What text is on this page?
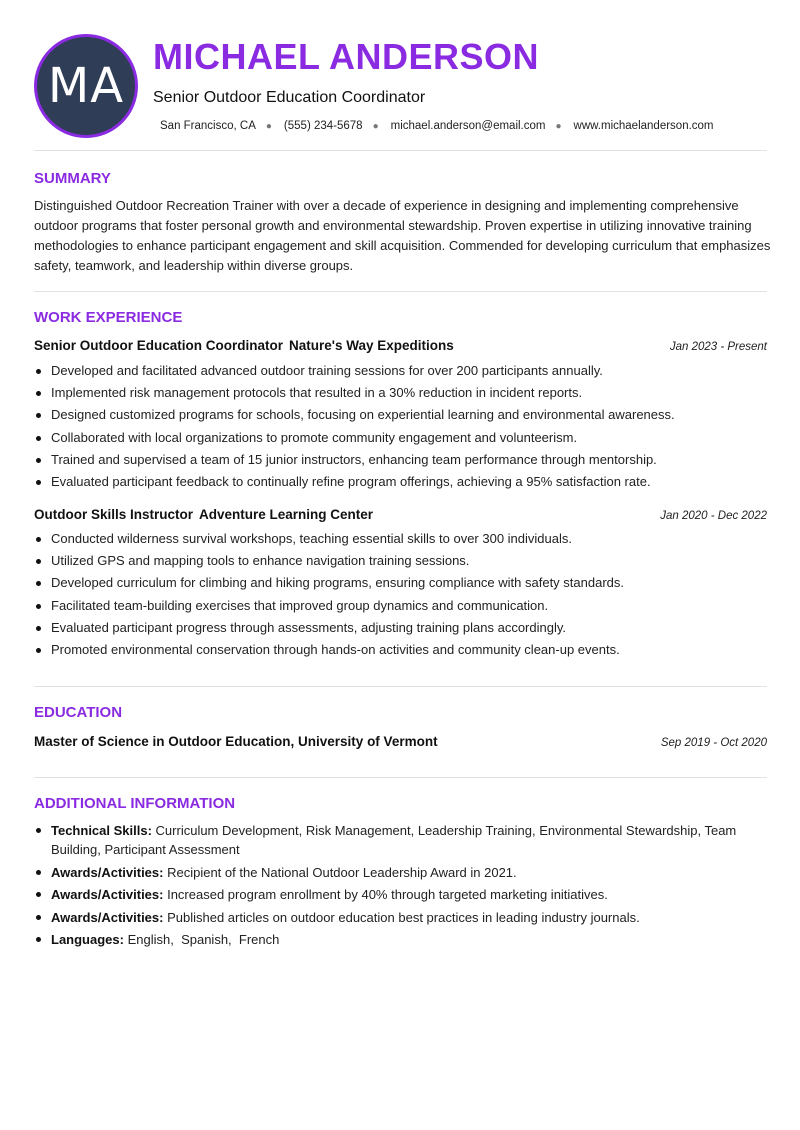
MA
MICHAEL ANDERSON
Senior Outdoor Education Coordinator
San Francisco, CA ● (555) 234-5678 ● michael.anderson@email.com ● www.michaelanderson.com
SUMMARY
Distinguished Outdoor Recreation Trainer with over a decade of experience in designing and implementing comprehensive outdoor programs that foster personal growth and environmental stewardship. Proven expertise in utilizing innovative training methodologies to enhance participant engagement and skill acquisition. Commended for developing curriculum that emphasizes safety, teamwork, and leadership within diverse groups.
WORK EXPERIENCE
Senior Outdoor Education Coordinator Nature's Way Expeditions	Jan 2023 - Present
Developed and facilitated advanced outdoor training sessions for over 200 participants annually.
Implemented risk management protocols that resulted in a 30% reduction in incident reports.
Designed customized programs for schools, focusing on experiential learning and environmental awareness.
Collaborated with local organizations to promote community engagement and volunteerism.
Trained and supervised a team of 15 junior instructors, enhancing team performance through mentorship.
Evaluated participant feedback to continually refine program offerings, achieving a 95% satisfaction rate.
Outdoor Skills Instructor Adventure Learning Center	Jan 2020 - Dec 2022
Conducted wilderness survival workshops, teaching essential skills to over 300 individuals.
Utilized GPS and mapping tools to enhance navigation training sessions.
Developed curriculum for climbing and hiking programs, ensuring compliance with safety standards.
Facilitated team-building exercises that improved group dynamics and communication.
Evaluated participant progress through assessments, adjusting training plans accordingly.
Promoted environmental conservation through hands-on activities and community clean-up events.
EDUCATION
Master of Science in Outdoor Education, University of Vermont	Sep 2019 - Oct 2020
ADDITIONAL INFORMATION
Technical Skills: Curriculum Development, Risk Management, Leadership Training, Environmental Stewardship, Team Building, Participant Assessment
Awards/Activities: Recipient of the National Outdoor Leadership Award in 2021.
Awards/Activities: Increased program enrollment by 40% through targeted marketing initiatives.
Awards/Activities: Published articles on outdoor education best practices in leading industry journals.
Languages: English,  Spanish,  French
